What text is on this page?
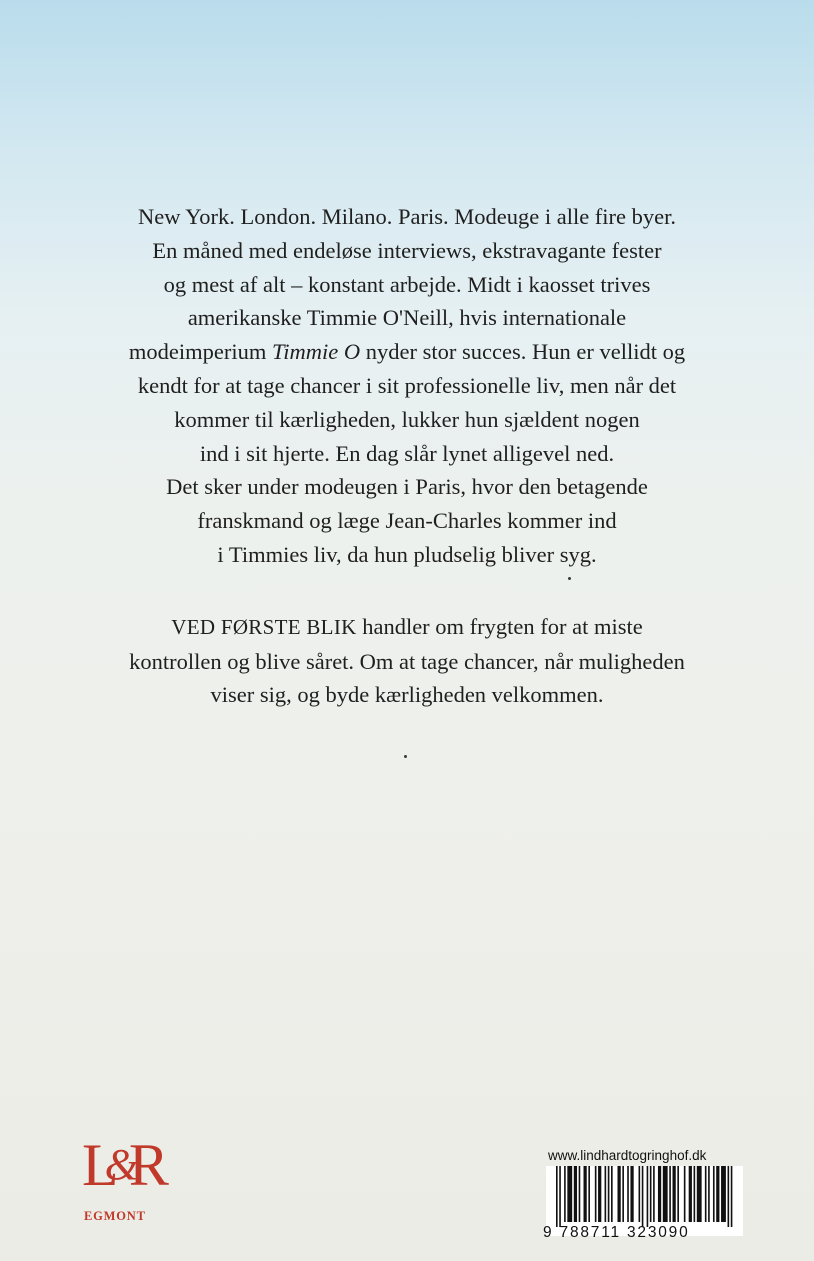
New York. London. Milano. Paris. Modeuge i alle fire byer.
En måned med endeløse interviews, ekstravagante fester
og mest af alt – konstant arbejde. Midt i kaosset trives
amerikanske Timmie O'Neill, hvis internationale
modeimperium Timmie O nyder stor succes. Hun er vellidt og
kendt for at tage chancer i sit professionelle liv, men når det
kommer til kærligheden, lukker hun sjældent nogen
ind i sit hjerte. En dag slår lynet alligevel ned.
Det sker under modeugen i Paris, hvor den betagende
franskmand og læge Jean-Charles kommer ind
i Timmies liv, da hun pludselig bliver syg.
VED FØRSTE BLIK handler om frygten for at miste
kontrollen og blive såret. Om at tage chancer, når muligheden
viser sig, og byde kærligheden velkommen.
L&R
EGMONT
www.lindhardtogringhof.dk
9 788711 323090
